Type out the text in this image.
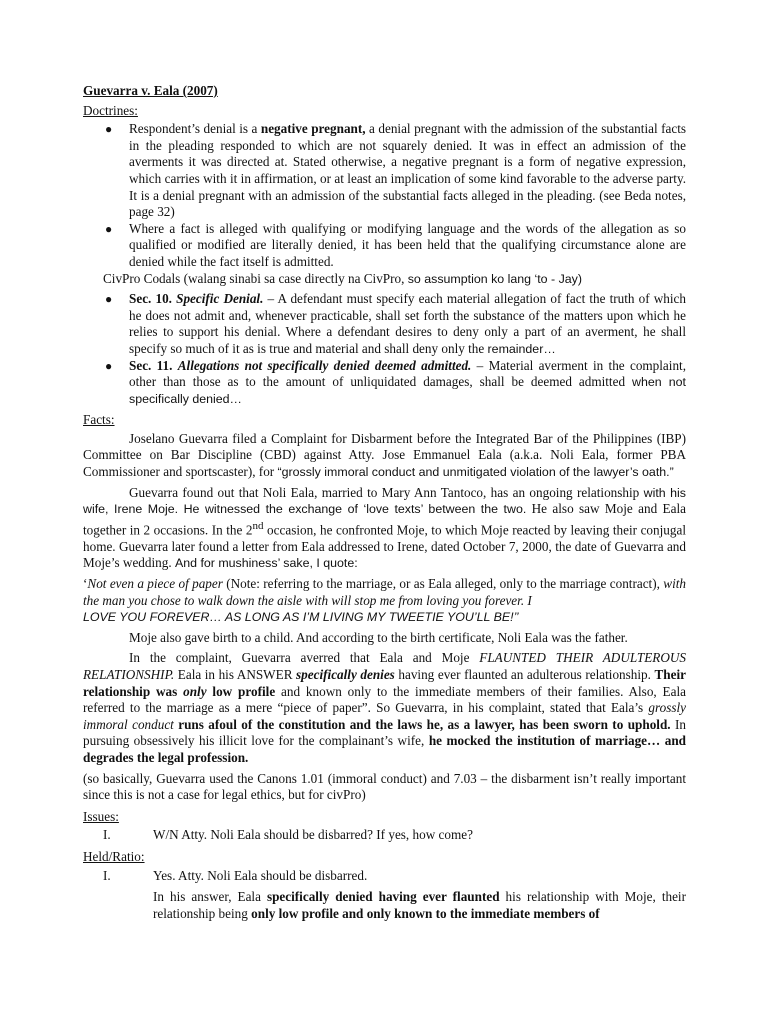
Guevarra v. Eala (2007)
Doctrines:
● Respondent’s denial is a negative pregnant, a denial pregnant with the admission of the substantial facts in the pleading responded to which are not squarely denied. It was in effect an admission of the averments it was directed at. Stated otherwise, a negative pregnant is a form of negative expression, which carries with it in affirmation, or at least an implication of some kind favorable to the adverse party. It is a denial pregnant with an admission of the substantial facts alleged in the pleading. (see Beda notes, page 32)
● Where a fact is alleged with qualifying or modifying language and the words of the allegation as so qualified or modified are literally denied, it has been held that the qualifying circumstance alone are denied while the fact itself is admitted.
CivPro Codals (walang sinabi sa case directly na CivPro, so assumption ko lang ‘to - Jay)
● Sec. 10. Specific Denial. – A defendant must specify each material allegation of fact the truth of which he does not admit and, whenever practicable, shall set forth the substance of the matters upon which he relies to support his denial. Where a defendant desires to deny only a part of an averment, he shall specify so much of it as is true and material and shall deny only the remainder…
● Sec. 11. Allegations not specifically denied deemed admitted. – Material averment in the complaint, other than those as to the amount of unliquidated damages, shall be deemed admitted when not specifically denied…
Facts:

Joselano Guevarra filed a Complaint for Disbarment before the Integrated Bar of the Philippines (IBP) Committee on Bar Discipline (CBD) against Atty. Jose Emmanuel Eala (a.k.a. Noli Eala, former PBA Commissioner and sportscaster), for “grossly immoral conduct and unmitigated violation of the lawyer’s oath.”

Guevarra found out that Noli Eala, married to Mary Ann Tantoco, has an ongoing relationship with his wife, Irene Moje. He witnessed the exchange of ‘love texts’ between the two. He also saw Moje and Eala together in 2 occasions. In the 2nd occasion, he confronted Moje, to which Moje reacted by leaving their conjugal home. Guevarra later found a letter from Eala addressed to Irene, dated October 7, 2000, the date of Guevarra and Moje’s wedding. And for mushiness’ sake, I quote:

‘Not even a piece of paper (Note: referring to the marriage, or as Eala alleged, only to the marriage contract), with the man you chose to walk down the aisle with will stop me from loving you forever. I
LOVE YOU FOREVER… AS LONG AS I’M LIVING MY TWEETIE YOU’LL BE!’’

Moje also gave birth to a child. And according to the birth certificate, Noli Eala was the father.

In the complaint, Guevarra averred that Eala and Moje FLAUNTED THEIR ADULTEROUS RELATIONSHIP. Eala in his ANSWER specifically denies having ever flaunted an adulterous relationship. Their relationship was only low profile and known only to the immediate members of their families. Also, Eala referred to the marriage as a mere “piece of paper”. So Guevarra, in his complaint, stated that Eala’s grossly immoral conduct runs afoul of the constitution and the laws he, as a lawyer, has been sworn to uphold. In pursuing obsessively his illicit love for the complainant’s wife, he mocked the institution of marriage… and degrades the legal profession.

(so basically, Guevarra used the Canons 1.01 (immoral conduct) and 7.03 – the disbarment isn’t really important since this is not a case for legal ethics, but for civPro)

Issues:
I.	W/N Atty. Noli Eala should be disbarred? If yes, how come?
Held/Ratio:
I.	Yes. Atty. Noli Eala should be disbarred.

In his answer, Eala specifically denied having ever flaunted his relationship with Moje, their relationship being only low profile and only known to the immediate members of
